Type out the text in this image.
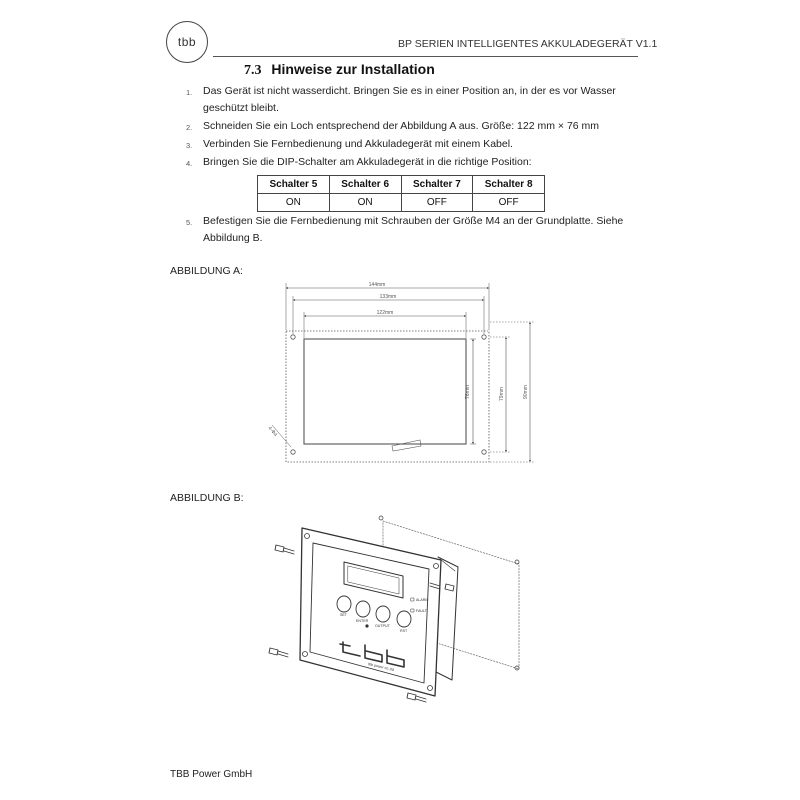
tbb	BP SERIEN INTELLIGENTES AKKULADEGERÄT V1.1
7.3 Hinweise zur Installation
1. Das Gerät ist nicht wasserdicht. Bringen Sie es in einer Position an, in der es vor Wasser geschützt bleibt.
2. Schneiden Sie ein Loch entsprechend der Abbildung A aus. Größe: 122 mm × 76 mm
3. Verbinden Sie Fernbedienung und Akkuladegerät mit einem Kabel.
4. Bringen Sie die DIP-Schalter am Akkuladegerät in die richtige Position:
Schalter 5	Schalter 6	Schalter 7	Schalter 8
ON	ON	OFF	OFF
5. Befestigen Sie die Fernbedienung mit Schrauben der Größe M4 an der Grundplatte. Siehe Abbildung B.
ABBILDUNG A:
ABBILDUNG B:
144mm
133mm
122mm
76mm	79mm	90mm
4-Φ4
SET
ENTER
OUTPUT
RST
ALARM
FAULT
tbb power co.,ltd
TBB Power GmbH
